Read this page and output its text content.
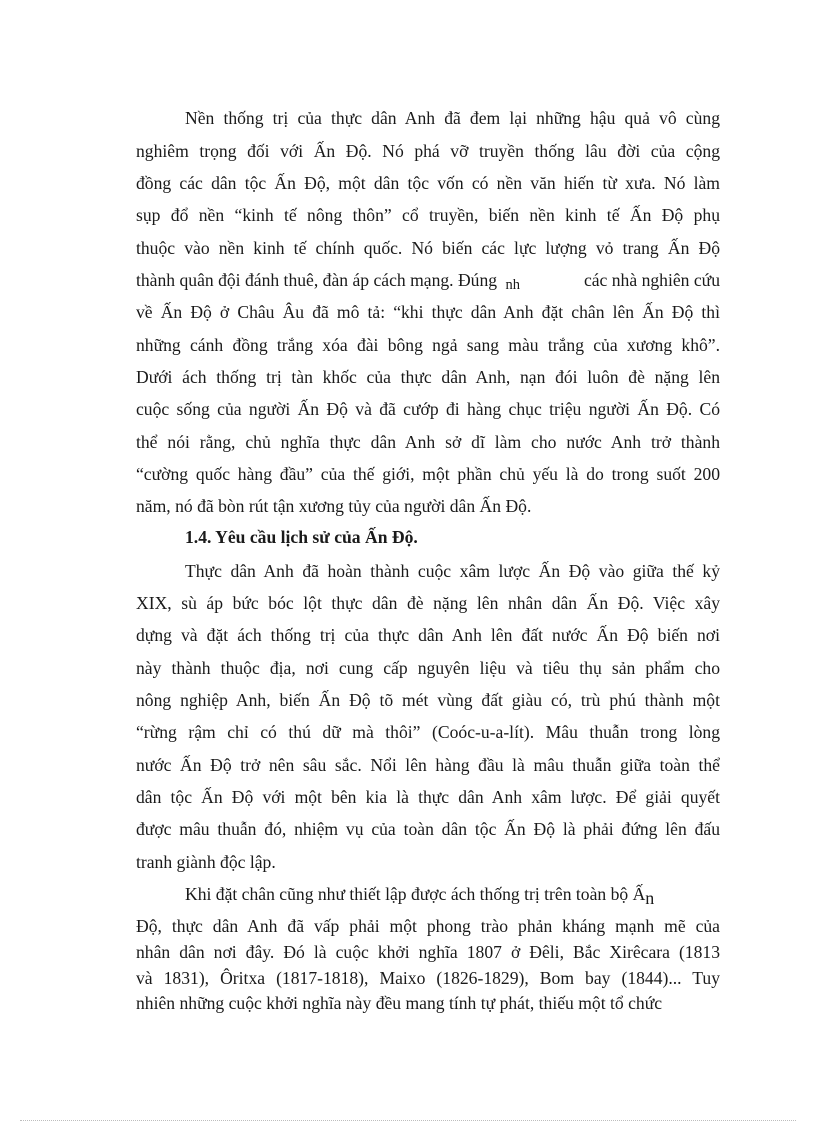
Nền thống trị của thực dân Anh đã đem lại những hậu quả vô cùng
nghiêm trọng đối với Ấn Độ. Nó phá vỡ truyền thống lâu đời của cộng
đồng các dân tộc Ấn Độ, một dân tộc vốn có nền văn hiến từ xưa. Nó làm
sụp đổ nền “kinh tế nông thôn” cổ truyền, biến nền kinh tế Ấn Độ phụ
thuộc vào nền kinh tế chính quốc. Nó biến các lực lượng vỏ trang Ấn Độ
thành quân đội đánh thuê, đàn áp cách mạng. Đúng nh	các nhà nghiên cứu
về Ấn Độ ở Châu Âu đã mô tả: “khi thực dân Anh đặt chân lên Ấn Độ thì
những cánh đồng trắng xóa đài bông ngả sang màu trắng của xương khô”.
Dưới ách thống trị tàn khốc của thực dân Anh, nạn đói luôn đè nặng lên
cuộc sống của người Ấn Độ và đã cướp đi hàng chục triệu người Ấn Độ. Có
thể nói rằng, chủ nghĩa thực dân Anh sở dĩ làm cho nước Anh trở thành
“cường quốc hàng đầu” của thế giới, một phần chủ yếu là do trong suốt 200
năm, nó đã bòn rút tận xương tủy của người dân Ấn Độ.
1.4. Yêu cầu lịch sử của Ấn Độ.
Thực dân Anh đã hoàn thành cuộc xâm lược Ấn Độ vào giữa thế kỷ
XIX, sù áp bức bóc lột thực dân đè nặng lên nhân dân Ấn Độ. Việc xây
dựng và đặt ách thống trị của thực dân Anh lên đất nước Ấn Độ biến nơi
này thành thuộc địa, nơi cung cấp nguyên liệu và tiêu thụ sản phẩm cho
nông nghiệp Anh, biến Ấn Độ tõ mét vùng đất giàu có, trù phú thành một
“rừng rậm chỉ có thú dữ mà thôi” (Coóc-u-a-lít). Mâu thuẫn trong lòng
nước Ấn Độ trở nên sâu sắc. Nổi lên hàng đầu là mâu thuẫn giữa toàn thể
dân tộc Ấn Độ với một bên kia là thực dân Anh xâm lược. Để giải quyết
được mâu thuẫn đó, nhiệm vụ của toàn dân tộc Ấn Độ là phải đứng lên đấu
tranh giành độc lập.
Khi đặt chân cũng như thiết lập được ách thống trị trên toàn bộ Ấn
Độ, thực dân Anh đã vấp phải một phong trào phản kháng mạnh mẽ của
nhân dân nơi đây. Đó là cuộc khởi nghĩa 1807 ở Đêli, Bắc Xirêcara (1813
và 1831), Ôritxa (1817-1818), Maixo (1826-1829), Bom bay (1844)... Tuy
nhiên những cuộc khởi nghĩa này đều mang tính tự phát, thiếu một tổ chức
